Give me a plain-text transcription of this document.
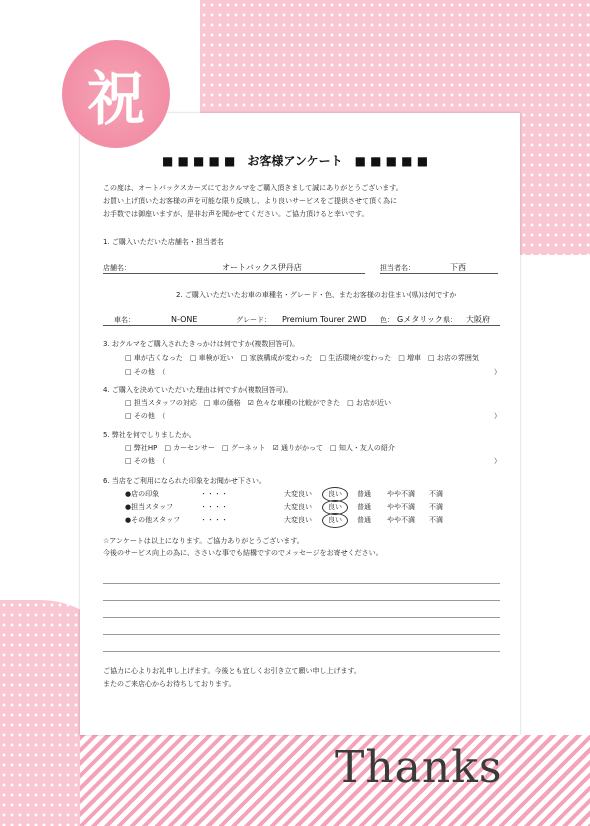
祝
■ ■ ■ ■ ■　お客様アンケート　■ ■ ■ ■ ■
この度は、オートバックスカーズにておクルマをご購入頂きまして誠にありがとうございます。
お買い上げ頂いたお客様の声を可能な限り反映し、より良いサービスをご提供させて頂く為に
お手数では御座いますが、是非お声を聞かせてください。ご協力頂けると幸いです。
1. ご購入いただいた店舗名・担当者名
店舗名：	オートバックス伊丹店	担当者名：	下西
2. ご購入いただいたお車の車種名・グレード・色、またお客様のお住まい(県)は何ですか
車名：	N-ONE	グレード： Premium Tourer 2WD 色： Gメタリック 県： 大阪府
3. おクルマをご購入されたきっかけは何ですか(複数回答可)。
□ 車が古くなった　□ 車検が近い　□ 家族構成が変わった　□ 生活環境が変わった　□ 増車　□ お店の雰囲気
□ その他　（	）
4. ご購入を決めていただいた理由は何ですか(複数回答可)。
□ 担当スタッフの対応　□ 車の価格　☑ 色々な車種の比較ができた　□ お店が近い
□ その他　（	）
5. 弊社を何でしりましたか。
□ 弊社HP　□ カーセンサー　□ グーネット　☑ 通りがかって　□ 知人・友人の紹介
□ その他　（	）
6. 当店をご利用になられた印象をお聞かせ下さい。
●店の印象	・・・・	大変良い 良い 普通 やや不満 不満
●担当スタッフ	・・・・	大変良い 良い 普通 やや不満 不満
●その他スタッフ	・・・・	大変良い 良い 普通 やや不満 不満
☆アンケートは以上になります。ご協力ありがとうございます。
今後のサービス向上の為に、ささいな事でも結構ですのでメッセージをお寄せください。
ご協力に心よりお礼申し上げます。今後とも宜しくお引き立て願い申し上げます。
またのご来店心からお待ちしております。
Thanks
